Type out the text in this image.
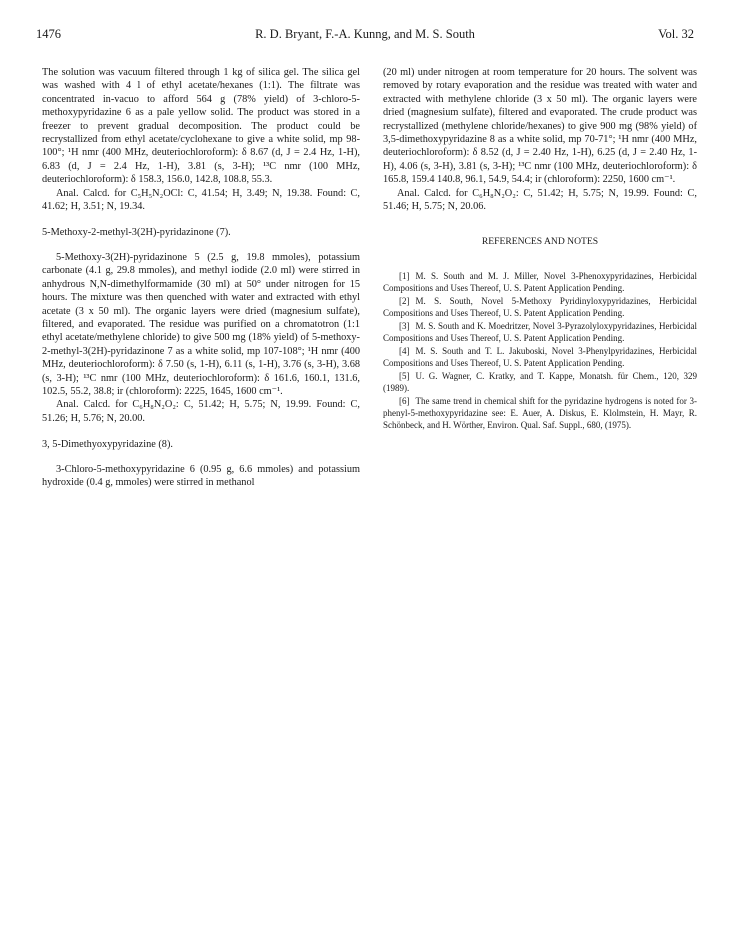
1476	R. D. Bryant, F.-A. Kunng, and M. S. South	Vol. 32

The solution was vacuum filtered through 1 kg of silica gel. The silica gel was washed with 4 l of ethyl acetate/hexanes (1:1). The filtrate was concentrated in-vacuo to afford 564 g (78% yield) of 3-chloro-5-methoxypyridazine 6 as a pale yellow solid. The product was stored in a freezer to prevent gradual decomposition. The product could be recrystallized from ethyl acetate/cyclohexane to give a white solid, mp 98-100°; ¹H nmr (400 MHz, deuteriochloroform): δ 8.67 (d, J = 2.4 Hz, 1-H), 6.83 (d, J = 2.4 Hz, 1-H), 3.81 (s, 3-H); ¹³C nmr (100 MHz, deuteriochloroform): δ 158.3, 156.0, 142.8, 108.8, 55.3.

Anal. Calcd. for C₅H₅N₂OCl: C, 41.54; H, 3.49; N, 19.38. Found: C, 41.62; H, 3.51; N, 19.34.

5-Methoxy-2-methyl-3(2H)-pyridazinone (7).

5-Methoxy-3(2H)-pyridazinone 5 (2.5 g, 19.8 mmoles), potassium carbonate (4.1 g, 29.8 mmoles), and methyl iodide (2.0 ml) were stirred in anhydrous N,N-dimethylformamide (30 ml) at 50° under nitrogen for 15 hours. The mixture was then quenched with water and extracted with ethyl acetate (3 x 50 ml). The organic layers were dried (magnesium sulfate), filtered, and evaporated. The residue was purified on a chromatotron (1:1 ethyl acetate/methylene chloride) to give 500 mg (18% yield) of 5-methoxy-2-methyl-3(2H)-pyridazinone 7 as a white solid, mp 107-108°; ¹H nmr (400 MHz, deuteriochloroform): δ 7.50 (s, 1-H), 6.11 (s, 1-H), 3.76 (s, 3-H), 3.68 (s, 3-H); ¹³C nmr (100 MHz, deuteriochloroform): δ 161.6, 160.1, 131.6, 102.5, 55.2, 38.8; ir (chloroform): 2225, 1645, 1600 cm⁻¹.

Anal. Calcd. for C₆H₈N₂O₂: C, 51.42; H, 5.75; N, 19.99. Found: C, 51.26; H, 5.76; N, 20.00.

3, 5-Dimethyoxypyridazine (8).

3-Chloro-5-methoxypyridazine 6 (0.95 g, 6.6 mmoles) and potassium hydroxide (0.4 g, mmoles) were stirred in methanol

(20 ml) under nitrogen at room temperature for 20 hours. The solvent was removed by rotary evaporation and the residue was treated with water and extracted with methylene chloride (3 x 50 ml). The organic layers were dried (magnesium sulfate), filtered and evaporated. The crude product was recrystallized (methylene chloride/hexanes) to give 900 mg (98% yield) of 3,5-dimethoxypyridazine 8 as a white solid, mp 70-71°; ¹H nmr (400 MHz, deuteriochloroform): δ 8.52 (d, J = 2.40 Hz, 1-H), 6.25 (d, J = 2.40 Hz, 1-H), 4.06 (s, 3-H), 3.81 (s, 3-H); ¹³C nmr (100 MHz, deuteriochloroform): δ 165.8, 159.4 140.8, 96.1, 54.9, 54.4; ir (chloroform): 2250, 1600 cm⁻¹.

Anal. Calcd. for C₆H₈N₂O₂: C, 51.42; H, 5.75; N, 19.99. Found: C, 51.46; H, 5.75; N, 20.06.

REFERENCES AND NOTES

[1] M. S. South and M. J. Miller, Novel 3-Phenoxypyridazines, Herbicidal Compositions and Uses Thereof, U. S. Patent Application Pending.

[2] M. S. South, Novel 5-Methoxy Pyridinyloxypyridazines, Herbicidal Compositions and Uses Thereof, U. S. Patent Application Pending.

[3] M. S. South and K. Moedritzer, Novel 3-Pyrazolyloxypyridazines, Herbicidal Compositions and Uses Thereof, U. S. Patent Application Pending.

[4] M. S. South and T. L. Jakuboski, Novel 3-Phenylpyridazines, Herbicidal Compositions and Uses Thereof, U. S. Patent Application Pending.

[5] U. G. Wagner, C. Kratky, and T. Kappe, Monatsh. für Chem., 120, 329 (1989).

[6] The same trend in chemical shift for the pyridazine hydrogens is noted for 3-phenyl-5-methoxypyridazine see: E. Auer, A. Diskus, E. Klolmstein, H. Mayr, R. Schönbeck, and H. Wörther, Environ. Qual. Saf. Suppl., 680, (1975).
